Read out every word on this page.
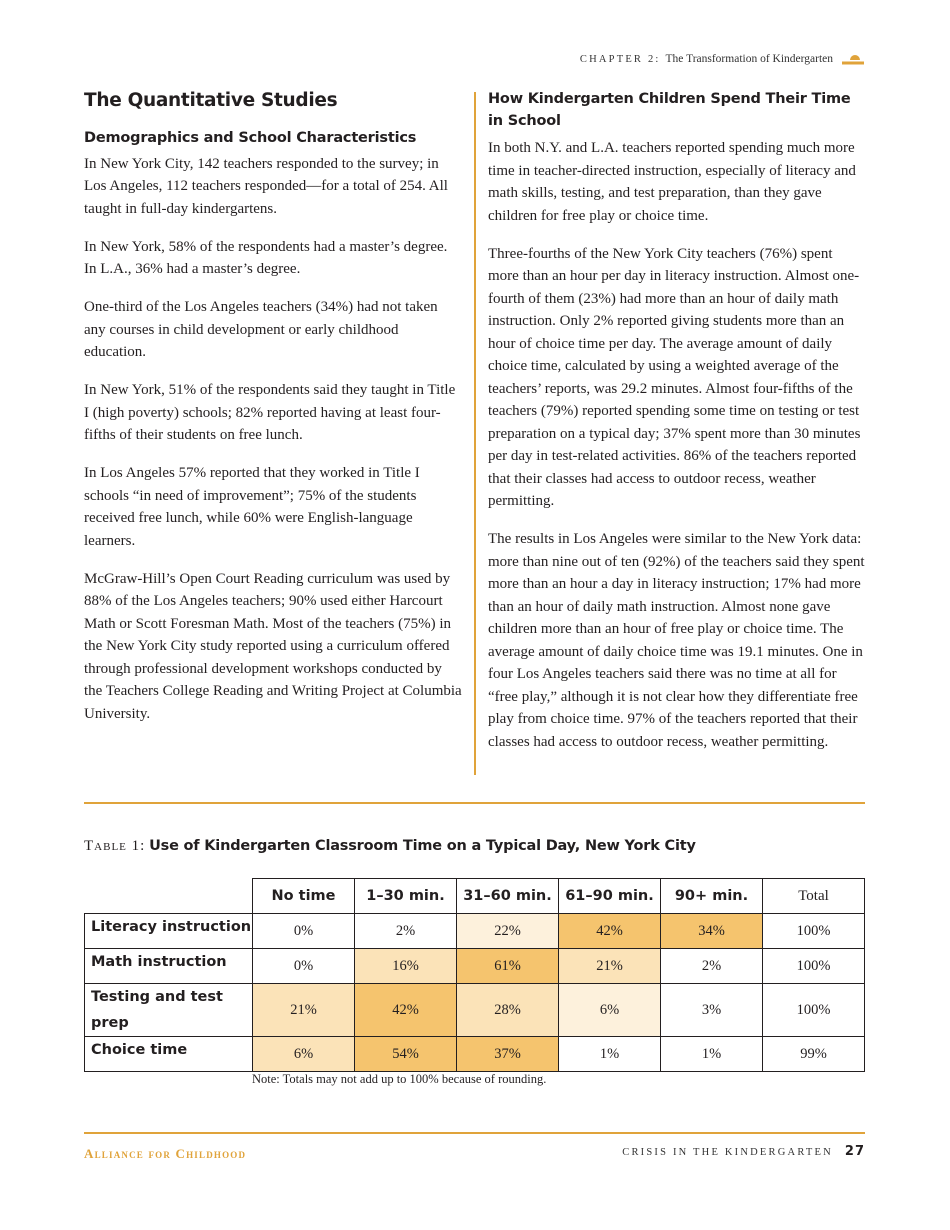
CHAPTER 2: The Transformation of Kindergarten
The Quantitative Studies
Demographics and School Characteristics

In New York City, 142 teachers responded to the survey; in Los Angeles, 112 teachers responded—for a total of 254. All taught in full-day kindergartens.

In New York, 58% of the respondents had a master’s degree. In L.A., 36% had a master’s degree.

One-third of the Los Angeles teachers (34%) had not taken any courses in child development or early childhood education.

In New York, 51% of the respondents said they taught in Title I (high poverty) schools; 82% reported having at least four-fifths of their students on free lunch.

In Los Angeles 57% reported that they worked in Title I schools “in need of improvement”; 75% of the students received free lunch, while 60% were English-language learners.

McGraw-Hill’s Open Court Reading curriculum was used by 88% of the Los Angeles teachers; 90% used either Harcourt Math or Scott Foresman Math. Most of the teachers (75%) in the New York City study reported using a curriculum offered through professional development workshops conducted by the Teachers College Reading and Writing Project at Columbia University.

How Kindergarten Children Spend Their Time in School

In both N.Y. and L.A. teachers reported spending much more time in teacher-directed instruction, especially of literacy and math skills, testing, and test preparation, than they gave children for free play or choice time.

Three-fourths of the New York City teachers (76%) spent more than an hour per day in literacy instruction. Almost one-fourth of them (23%) had more than an hour of daily math instruction. Only 2% reported giving students more than an hour of choice time per day. The average amount of daily choice time, calculated by using a weighted average of the teachers’ reports, was 29.2 minutes. Almost four-fifths of the teachers (79%) reported spending some time on testing or test preparation on a typical day; 37% spent more than 30 minutes per day in test-related activities. 86% of the teachers reported that their classes had access to outdoor recess, weather permitting.

The results in Los Angeles were similar to the New York data: more than nine out of ten (92%) of the teachers said they spent more than an hour a day in literacy instruction; 17% had more than an hour of daily math instruction. Almost none gave children more than an hour of free play or choice time. The average amount of daily choice time was 19.1 minutes. One in four Los Angeles teachers said there was no time at all for “free play,” although it is not clear how they differentiate free play from choice time. 97% of the teachers reported that their classes had access to outdoor recess, weather permitting.

Table 1: Use of Kindergarten Classroom Time on a Typical Day, New York City
	No time	1–30 min.	31–60 min.	61–90 min.	90+ min.	Total
Literacy instruction	0%	2%	22%	42%	34%	100%
Math instruction	0%	16%	61%	21%	2%	100%
Testing and test prep	21%	42%	28%	6%	3%	100%
Choice time	6%	54%	37%	1%	1%	99%
Note: Totals may not add up to 100% because of rounding.
Alliance for Childhood	CRISIS IN THE KINDERGARTEN 27
